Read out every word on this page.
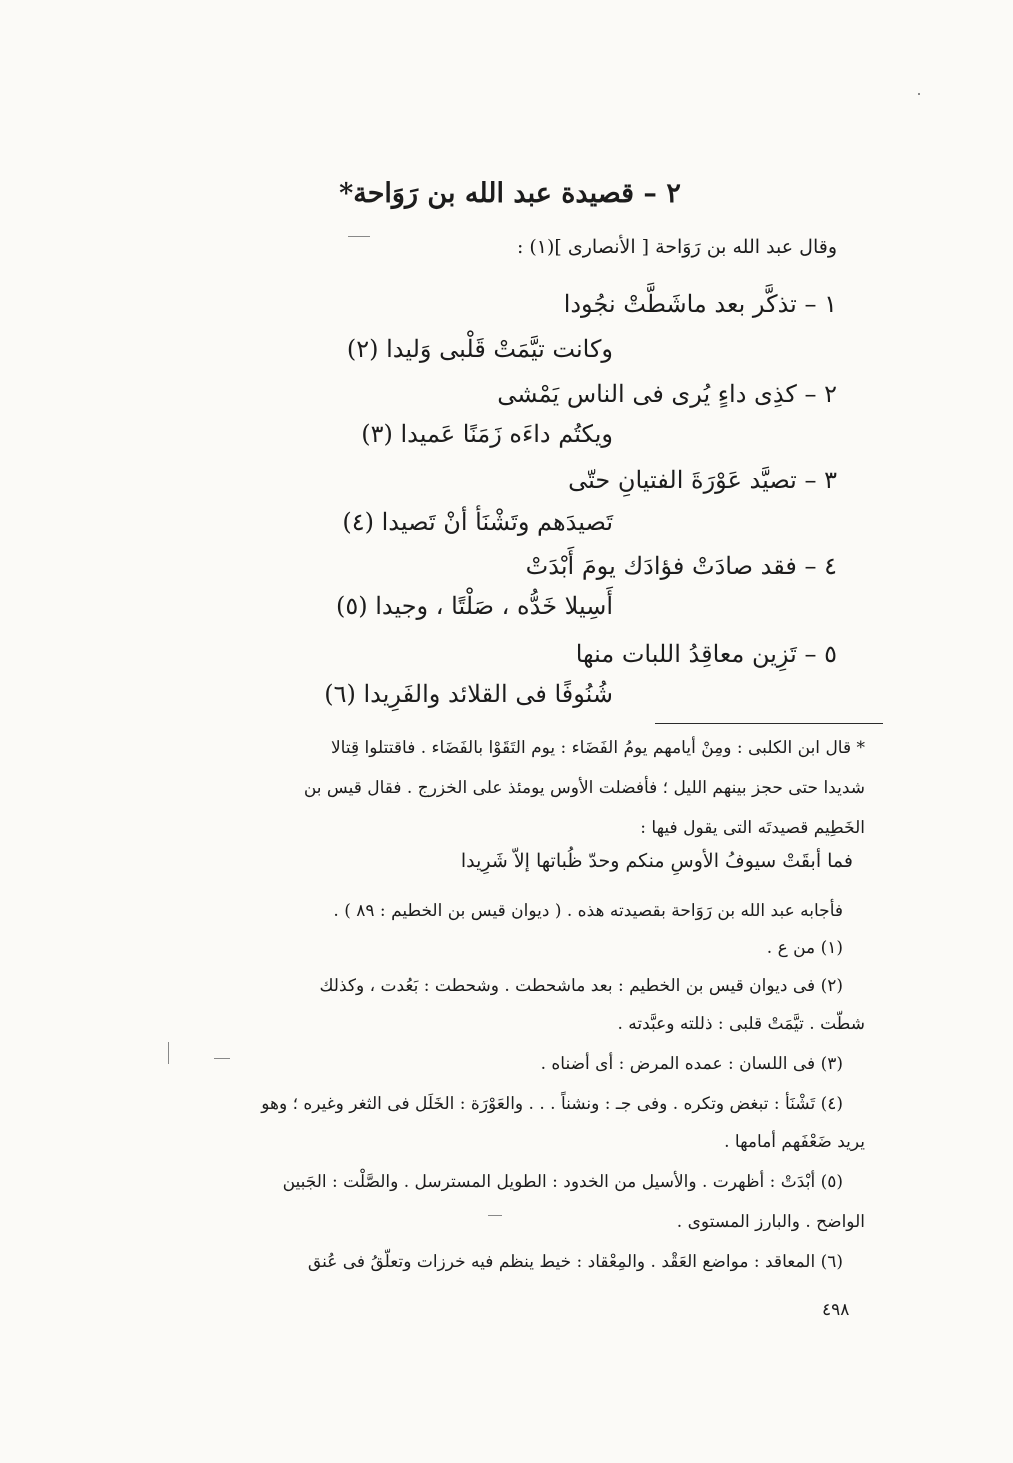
٢ – قصيدة عبد الله بن رَوَاحة*
وقال عبد الله بن رَوَاحة [ الأنصارى ](١) :
١ – تذكَّر بعد ماشَطَّتْ نجُودا
وكانت تيَّمَتْ قَلْبى وَليدا (٢)
٢ – كذِى داءٍ يُرى فى الناس يَمْشى
ويكتُم داءَه زَمَنًا عَميدا (٣)
٣ – تصيَّد عَوْرَةَ الفتيانِ حتّى
تَصيدَهم وتَشْنَأ أنْ تَصيدا (٤)
٤ – فقد صادَتْ فؤادَك يومَ أَبْدَتْ
أَسِيلا خَدُّه ، صَلْتًا ، وجيدا (٥)
٥ – تَزِين معاقِدُ اللبات منها
شُنُوفًا فى القلائد والفَرِيدا (٦)
* قال ابن الكلبى : ومِنْ أيامهم يومُ الفَضَاء : يوم التَقَوْا بالفَضَاء . فاقتتلوا قِتالا
شديدا حتى حجز بينهم الليل ؛ فأفضلت الأوس يومئذ على الخزرج . فقال قيس بن
الخَطِيم قصيدتَه التى يقول فيها :
فما أبقَتْ سيوفُ الأوسِ منكم وحدّ ظُباتها إلاّ شَرِيدا
فأجابه عبد الله بن رَوَاحة بقصيدته هذه . ( ديوان قيس بن الخطيم : ٨٩ ) .
(١) من ع .
(٢) فى ديوان قيس بن الخطيم : بعد ماشحطت . وشحطت : بَعُدت ، وكذلك
شطّت . تيَّمَتْ قلبى : ذللته وعبَّدته .
(٣) فى اللسان : عمده المرض : أى أضناه .
(٤) تَشْنَأ : تبغض وتكره . وفى جـ : ونشناً . . . والعَوْرَة : الخَلَل فى الثغر وغيره ؛ وهو
يريد ضَعْفَهم أمامها .
(٥) أبْدَتْ : أظهرت . والأسيل من الخدود : الطويل المسترسل . والصَّلْت : الجَبين
الواضح . والبارز المستوى .
(٦) المعاقد : مواضع العَقْد . والمِعْقاد : خيط ينظم فيه خرزات وتعلّقُ فى عُنق
٤٩٨
